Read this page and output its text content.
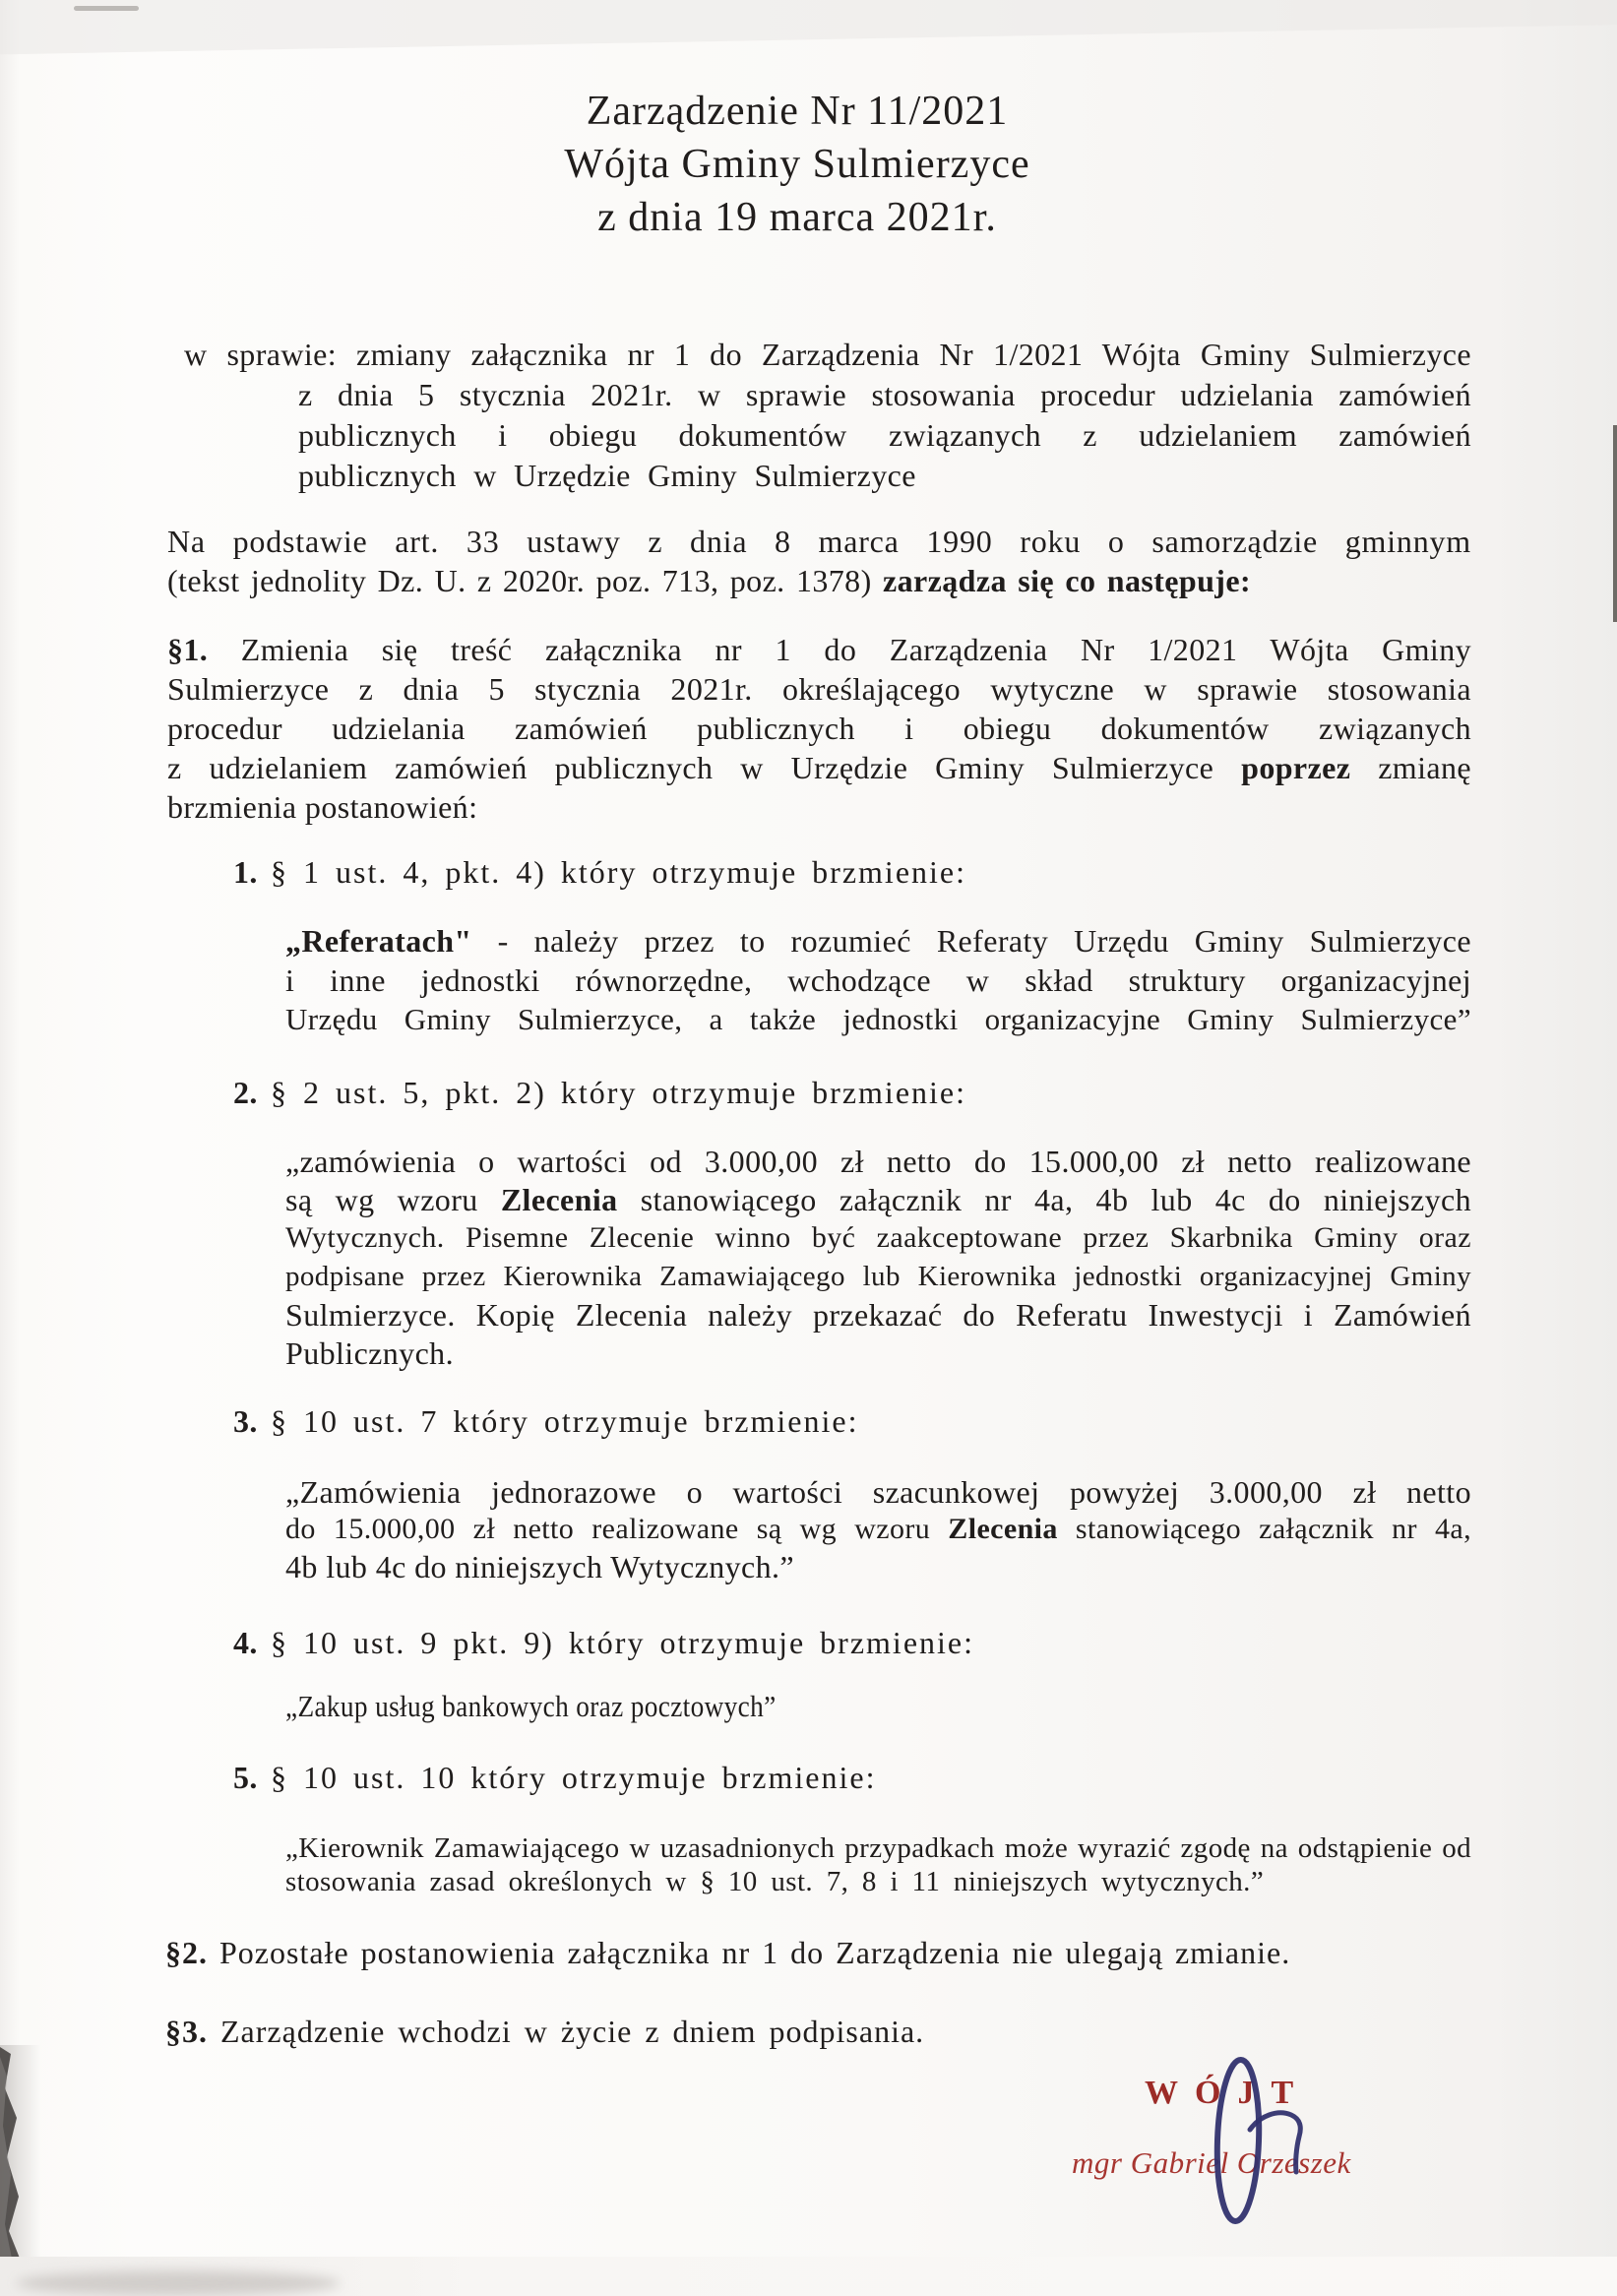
Zarządzenie Nr 11/2021
Wójta Gminy Sulmierzyce
z dnia 19 marca 2021r.
w sprawie: zmiany załącznika nr 1 do Zarządzenia Nr 1/2021 Wójta Gminy Sulmierzyce
z dnia 5 stycznia 2021r. w sprawie stosowania procedur udzielania zamówień
publicznych i obiegu dokumentów związanych z udzielaniem zamówień
publicznych w Urzędzie Gminy Sulmierzyce
Na podstawie art. 33 ustawy z dnia 8 marca 1990 roku o samorządzie gminnym
(tekst jednolity Dz. U. z 2020r. poz. 713, poz. 1378) zarządza się co następuje:
§1. Zmienia się treść załącznika nr 1 do Zarządzenia Nr 1/2021 Wójta Gminy
Sulmierzyce z dnia 5 stycznia 2021r. określającego wytyczne w sprawie stosowania
procedur udzielania zamówień publicznych i obiegu dokumentów związanych
z udzielaniem zamówień publicznych w Urzędzie Gminy Sulmierzyce poprzez zmianę
brzmienia postanowień:
1. § 1 ust. 4, pkt. 4) który otrzymuje brzmienie:
„Referatach" - należy przez to rozumieć Referaty Urzędu Gminy Sulmierzyce
i inne jednostki równorzędne, wchodzące w skład struktury organizacyjnej
Urzędu Gminy Sulmierzyce, a także jednostki organizacyjne Gminy Sulmierzyce”
2. § 2 ust. 5, pkt. 2) który otrzymuje brzmienie:
„zamówienia o wartości od 3.000,00 zł netto do 15.000,00 zł netto realizowane
są wg wzoru Zlecenia stanowiącego załącznik nr 4a, 4b lub 4c do niniejszych
Wytycznych. Pisemne Zlecenie winno być zaakceptowane przez Skarbnika Gminy oraz
podpisane przez Kierownika Zamawiającego lub Kierownika jednostki organizacyjnej Gminy
Sulmierzyce. Kopię Zlecenia należy przekazać do Referatu Inwestycji i Zamówień
Publicznych.
3. § 10 ust. 7 który otrzymuje brzmienie:
„Zamówienia jednorazowe o wartości szacunkowej powyżej 3.000,00 zł netto
do 15.000,00 zł netto realizowane są wg wzoru Zlecenia stanowiącego załącznik nr 4a,
4b lub 4c do niniejszych Wytycznych.”
4. § 10 ust. 9 pkt. 9) który otrzymuje brzmienie:
„Zakup usług bankowych oraz pocztowych”
5. § 10 ust. 10 który otrzymuje brzmienie:
„Kierownik Zamawiającego w uzasadnionych przypadkach może wyrazić zgodę na odstąpienie od
stosowania zasad określonych w § 10 ust. 7, 8 i 11 niniejszych wytycznych.”
§2. Pozostałe postanowienia załącznika nr 1 do Zarządzenia nie ulegają zmianie.
§3. Zarządzenie wchodzi w życie z dniem podpisania.
WÓJT
mgr Gabriel Orzeszek
